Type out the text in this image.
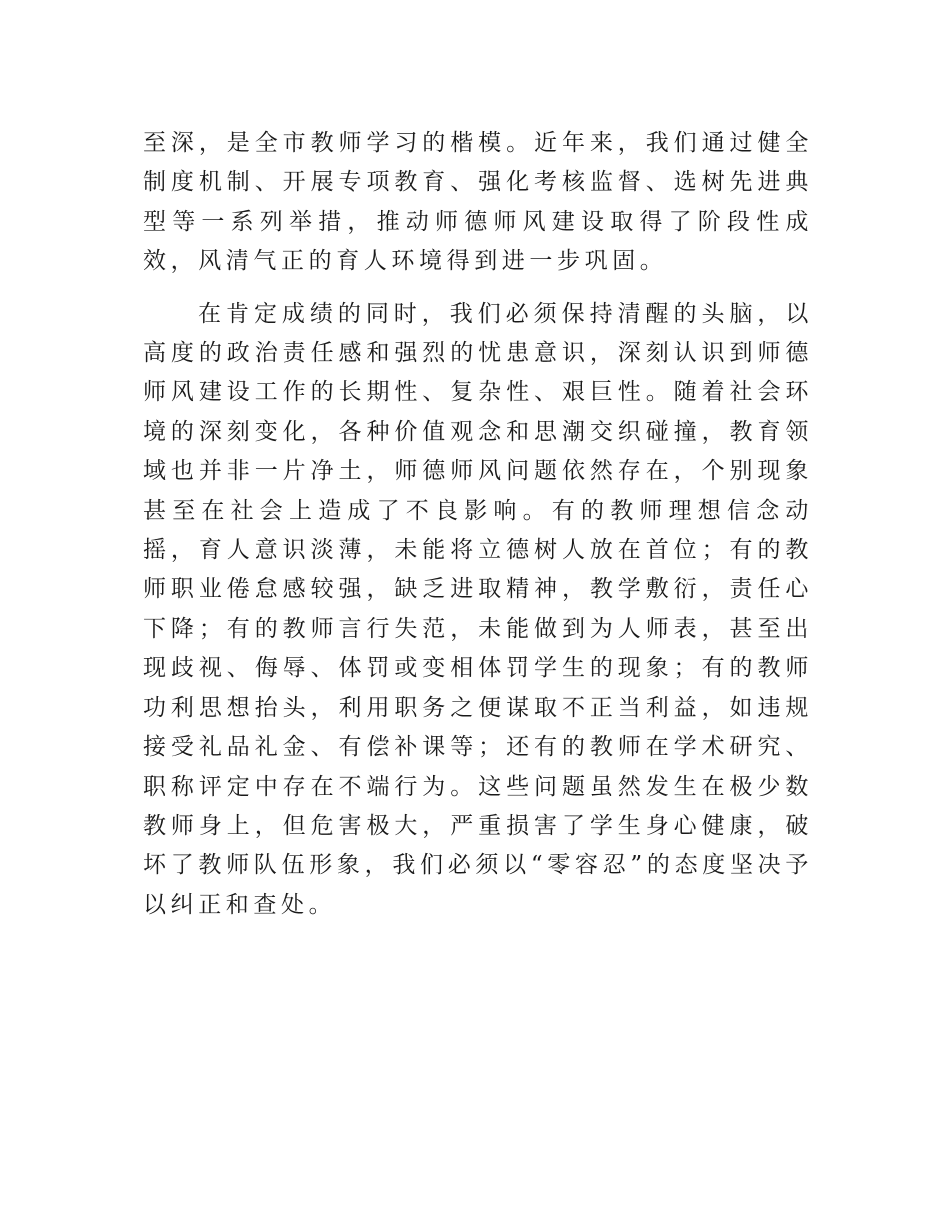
至深，是全市教师学习的楷模。近年来，我们通过健全制度机制、开展专项教育、强化考核监督、选树先进典型等一系列举措，推动师德师风建设取得了阶段性成效，风清气正的育人环境得到进一步巩固。

在肯定成绩的同时，我们必须保持清醒的头脑，以高度的政治责任感和强烈的忧患意识，深刻认识到师德师风建设工作的长期性、复杂性、艰巨性。随着社会环境的深刻变化，各种价值观念和思潮交织碰撞，教育领域也并非一片净土，师德师风问题依然存在，个别现象甚至在社会上造成了不良影响。有的教师理想信念动摇，育人意识淡薄，未能将立德树人放在首位；有的教师职业倦怠感较强，缺乏进取精神，教学敷衍，责任心下降；有的教师言行失范，未能做到为人师表，甚至出现歧视、侮辱、体罚或变相体罚学生的现象；有的教师功利思想抬头，利用职务之便谋取不正当利益，如违规接受礼品礼金、有偿补课等；还有的教师在学术研究、职称评定中存在不端行为。这些问题虽然发生在极少数教师身上，但危害极大，严重损害了学生身心健康，破坏了教师队伍形象，我们必须以“零容忍”的态度坚决予以纠正和查处。
